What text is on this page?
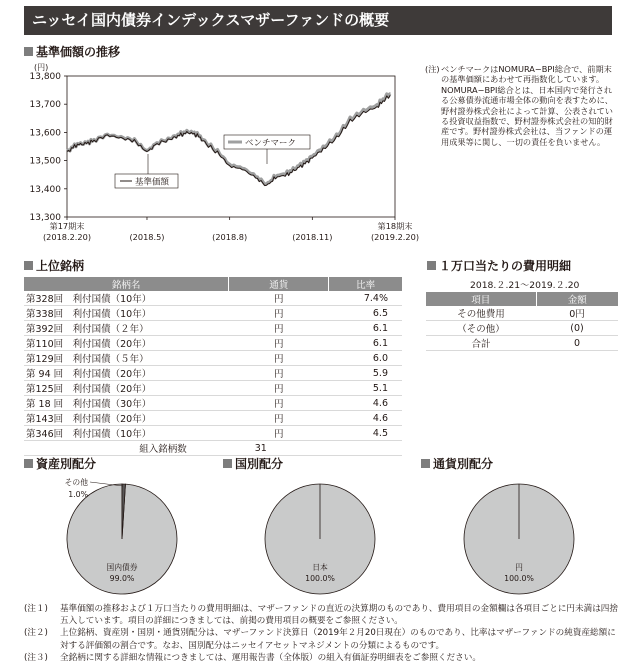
ニッセイ国内債券インデックスマザーファンドの概要
基準価額の推移
(円)
13,300
13,400
13,500
13,600
13,700
13,800
第17期末
(2018.2.20)	(2018.5)	(2018.8)	(2018.11)
第18期末
(2019.2.20)
基準価額
ベンチマーク
(注) ベンチマークはNOMURA−BPI総合で、前期末の基準価額にあわせて再指数化しています。NOMURA−BPI総合とは、日本国内で発行される公募債券流通市場全体の動向を表すために、野村證券株式会社によって計算、公表されている投資収益指数で、野村證券株式会社の知的財産です。野村證券株式会社は、当ファンドの運用成果等に関し、一切の責任を負いません。
上位銘柄
銘柄名	通貨	比率
第328回　利付国債（10年）	円	7.4%
第338回　利付国債（10年）	円	6.5
第392回　利付国債（２年）	円	6.1
第110回　利付国債（20年）	円	6.1
第129回　利付国債（５年）	円	6.0
第 94 回　利付国債（20年）	円	5.9
第125回　利付国債（20年）	円	5.1
第 18 回　利付国債（30年）	円	4.6
第143回　利付国債（20年）	円	4.6
第346回　利付国債（10年）	円	4.5
組入銘柄数	31	
１万口当たりの費用明細
2018.２.21〜2019.２.20
項目	金額
その他費用	0円
（その他）	(0)
合計	0
資産別配分	国別配分	通貨別配分
国内債券
99.0%
その他
1.0%
日本
100.0%
円
100.0%
(注１) 基準価額の推移および１万口当たりの費用明細は、マザーファンドの直近の決算期のものであり、費用項目の金額欄は各項目ごとに円未満は四捨五入しています。項目の詳細につきましては、前掲の費用項目の概要をご参照ください。
(注２) 上位銘柄、資産別・国別・通貨別配分は、マザーファンド決算日（2019年２月20日現在）のものであり、比率はマザーファンドの純資産総額に対する評価額の割合です。なお、国別配分はニッセイアセットマネジメントの分類によるものです。
(注３) 全銘柄に関する詳細な情報につきましては、運用報告書（全体版）の組入有価証券明細表をご参照ください。
